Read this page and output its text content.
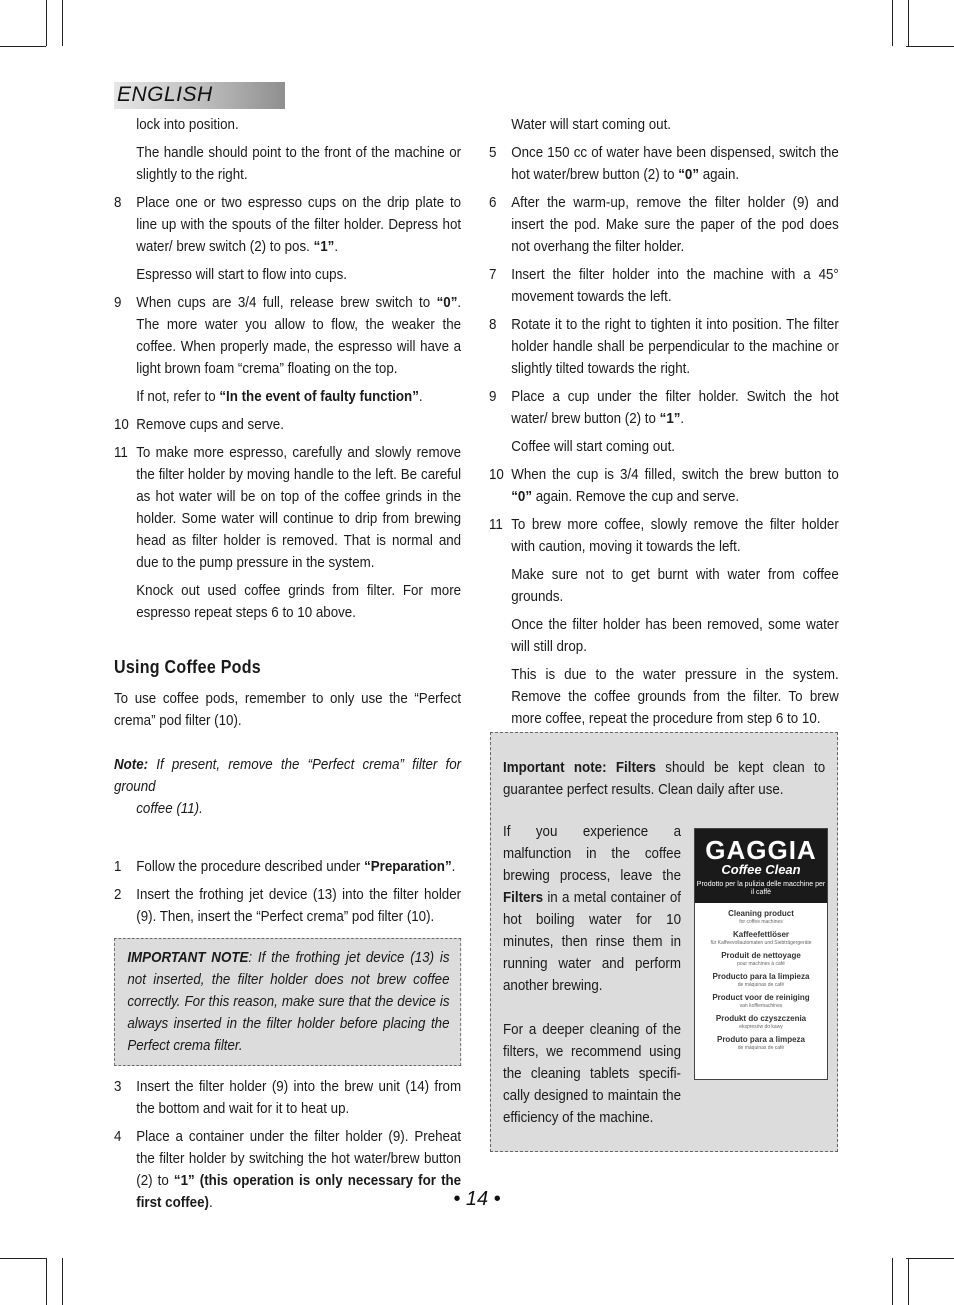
ENGLISH

lock into position.

The handle should point to the front of the machine or slightly to the right.

8 Place one or two espresso cups on the drip plate to line up with the spouts of the filter holder. Depress hot water/ brew switch (2) to pos. “1”.

Espresso will start to flow into cups.

9 When cups are 3/4 full, release brew switch to “0”. The more water you allow to flow, the weaker the coffee. When properly made, the espresso will have a light brown foam “crema” floating on the top.

If not, refer to “In the event of faulty function”.

10 Remove cups and serve.
11 To make more espresso, carefully and slowly remove the filter holder by moving handle to the left. Be careful as hot water will be on top of the coffee grinds in the holder. Some water will continue to drip from brewing head as filter holder is removed. That is normal and due to the pump pressure in the system.

Knock out used coffee grinds from filter. For more espresso repeat steps 6 to 10 above.

Using Coffee Pods

To use coffee pods, remember to only use the “Perfect crema” pod filter (10).

Note: If present, remove the “Perfect crema” filter for ground
coffee (11).

1 Follow the procedure described under “Preparation”.
2 Insert the frothing jet device (13) into the filter holder (9). Then, insert the “Perfect crema” pod filter (10).
IMPORTANT NOTE: If the frothing jet device (13) is not inserted, the filter holder does not brew coffee correctly. For this reason, make sure that the device is always inserted in the filter holder before placing the Perfect crema filter.
3 Insert the filter holder (9) into the brew unit (14) from the bottom and wait for it to heat up.
4 Place a container under the filter holder (9). Preheat the filter holder by switching the hot water/brew button (2) to “1” (this operation is only necessary for the first coffee).

Water will start coming out.

5 Once 150 cc of water have been dispensed, switch the hot water/brew button (2) to “0” again.
6 After the warm-up, remove the filter holder (9) and insert the pod. Make sure the paper of the pod does not overhang the filter holder.
7 Insert the filter holder into the machine with a 45° movement towards the left.
8 Rotate it to the right to tighten it into position. The filter holder handle shall be perpendicular to the machine or slightly tilted towards the right.
9 Place a cup under the filter holder. Switch the hot water/ brew button (2) to “1”.

Coffee will start coming out.

10 When the cup is 3/4 filled, switch the brew button to “0” again. Remove the cup and serve.
11 To brew more coffee, slowly remove the filter holder with caution, moving it towards the left.

Make sure not to get burnt with water from coffee grounds.

Once the filter holder has been removed, some water will still drop.

This is due to the water pressure in the system. Remove the coffee grounds from the filter. To brew more coffee, repeat the procedure from step 6 to 10.

Important note: Filters should be kept clean to guarantee perfect results. Clean daily after use.

If you experience a malfunction in the coffee brewing process, leave the Filters in a metal container of hot boiling water for 10 minutes, then rinse them in running water and perform another brewing.

For a deeper cleaning of the filters, we recommend using the cleaning tablets specifi-cally designed to maintain the efficiency of the machine.

GAGGIA
Coffee Clean
Prodotto per la pulizia delle macchine per il caffè
Cleaning product
for coffee machines
Kaffeefettlöser
für Kaffeevollautomaten und Siebträgergeräte
Produit de nettoyage
pour machines à café
Producto para la limpieza
de máquinas de café
Product voor de reiniging
van koffiemachines
Produkt do czyszczenia
ekspresów do kawy
Produto para a limpeza
de máquinas de café
• 14 •
